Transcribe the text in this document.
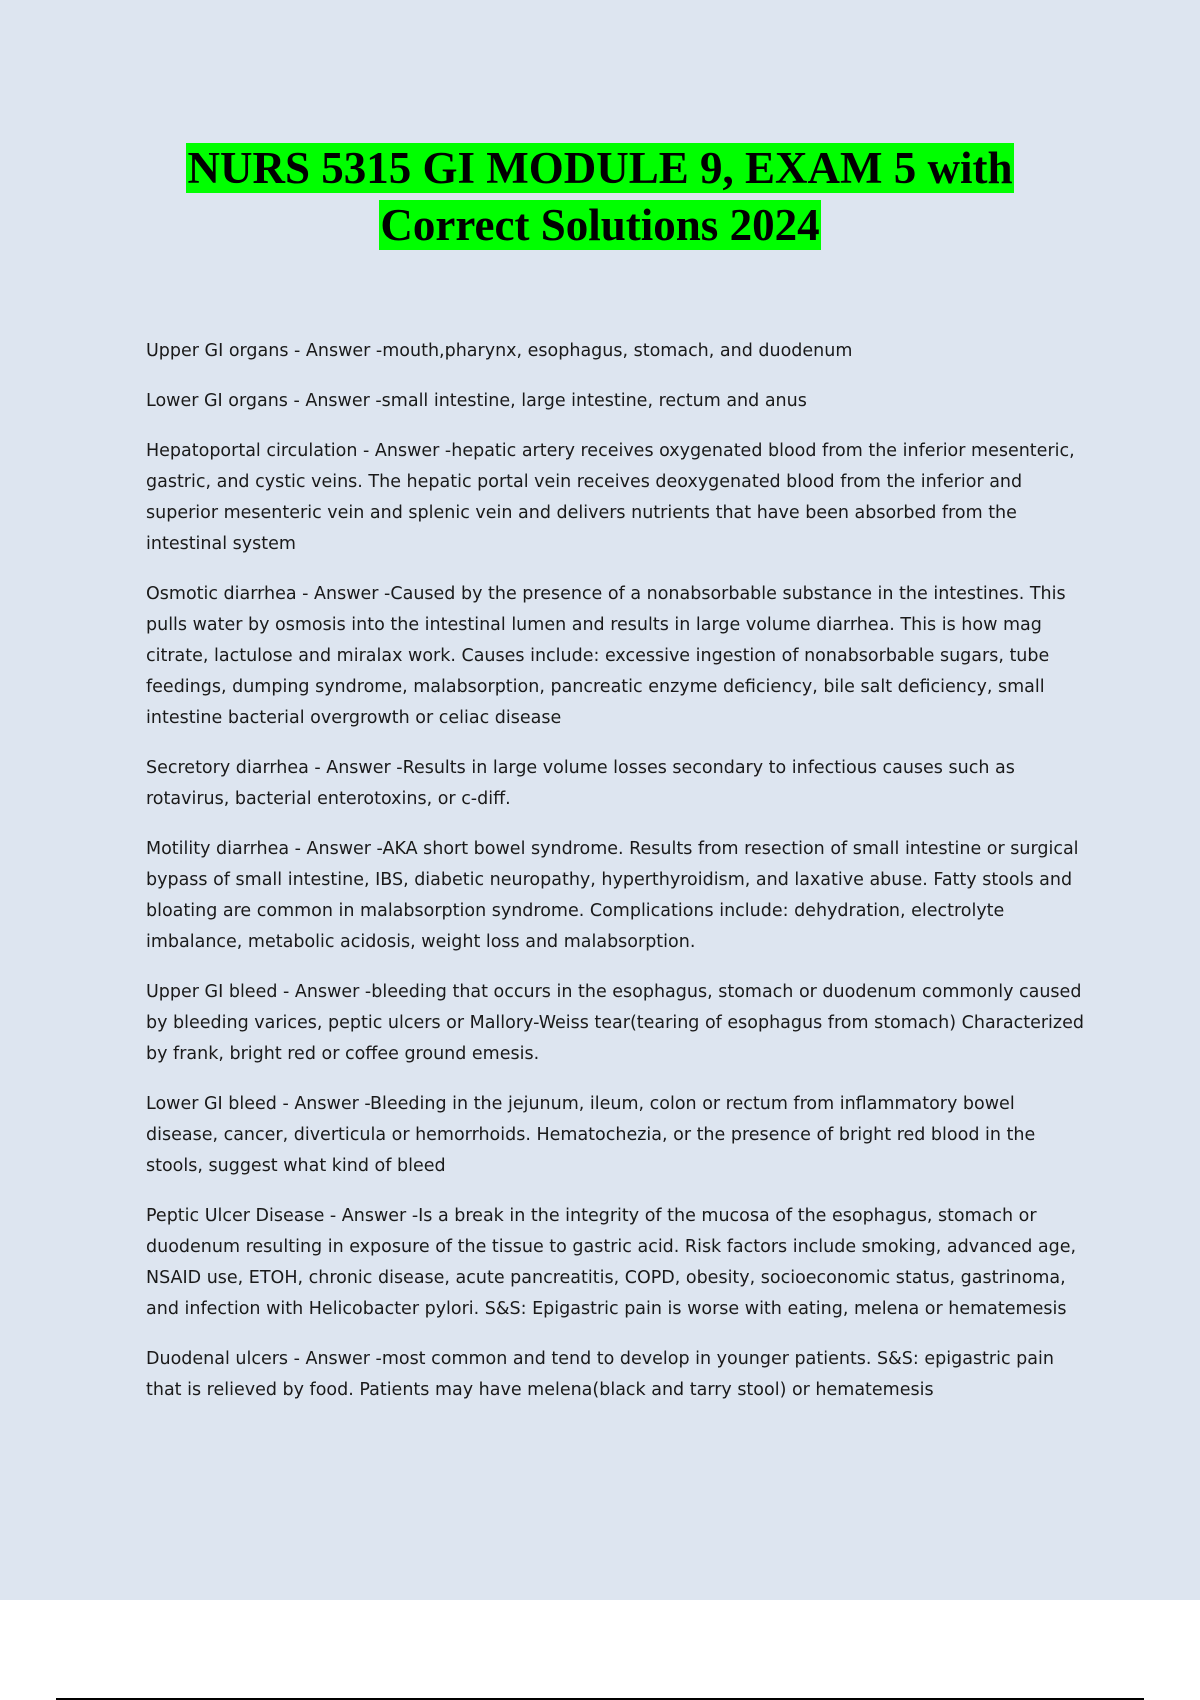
NURS 5315 GI MODULE 9, EXAM 5 with
Correct Solutions 2024

Upper GI organs - Answer -mouth,pharynx, esophagus, stomach, and duodenum

Lower GI organs - Answer -small intestine, large intestine, rectum and anus

Hepatoportal circulation - Answer -hepatic artery receives oxygenated blood from the inferior mesenteric, gastric, and cystic veins. The hepatic portal vein receives deoxygenated blood from the inferior and superior mesenteric vein and splenic vein and delivers nutrients that have been absorbed from the intestinal system

Osmotic diarrhea - Answer -Caused by the presence of a nonabsorbable substance in the intestines. This pulls water by osmosis into the intestinal lumen and results in large volume diarrhea. This is how mag citrate, lactulose and miralax work. Causes include: excessive ingestion of nonabsorbable sugars, tube feedings, dumping syndrome, malabsorption, pancreatic enzyme deficiency, bile salt deficiency, small intestine bacterial overgrowth or celiac disease

Secretory diarrhea - Answer -Results in large volume losses secondary to infectious causes such as rotavirus, bacterial enterotoxins, or c-diff.

Motility diarrhea - Answer -AKA short bowel syndrome. Results from resection of small intestine or surgical bypass of small intestine, IBS, diabetic neuropathy, hyperthyroidism, and laxative abuse. Fatty stools and bloating are common in malabsorption syndrome. Complications include: dehydration, electrolyte imbalance, metabolic acidosis, weight loss and malabsorption.

Upper GI bleed - Answer -bleeding that occurs in the esophagus, stomach or duodenum commonly caused by bleeding varices, peptic ulcers or Mallory-Weiss tear(tearing of esophagus from stomach) Characterized by frank, bright red or coffee ground emesis.

Lower GI bleed - Answer -Bleeding in the jejunum, ileum, colon or rectum from inflammatory bowel disease, cancer, diverticula or hemorrhoids. Hematochezia, or the presence of bright red blood in the stools, suggest what kind of bleed

Peptic Ulcer Disease - Answer -Is a break in the integrity of the mucosa of the esophagus, stomach or duodenum resulting in exposure of the tissue to gastric acid. Risk factors include smoking, advanced age, NSAID use, ETOH, chronic disease, acute pancreatitis, COPD, obesity, socioeconomic status, gastrinoma, and infection with Helicobacter pylori. S&S: Epigastric pain is worse with eating, melena or hematemesis

Duodenal ulcers - Answer -most common and tend to develop in younger patients. S&S: epigastric pain that is relieved by food. Patients may have melena(black and tarry stool) or hematemesis
